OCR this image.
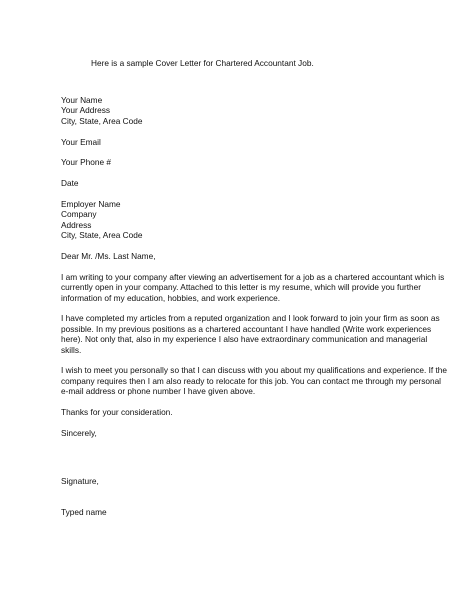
Here is a sample Cover Letter for Chartered Accountant Job.
Your Name
Your Address
City, State, Area Code
Your Email
Your Phone #
Date
Employer Name
Company
Address
City, State, Area Code
Dear Mr. /Ms. Last Name,
I am writing to your company after viewing an advertisement for a job as a chartered accountant which is
currently open in your company. Attached to this letter is my resume, which will provide you further
information of my education, hobbies, and work experience.
I have completed my articles from a reputed organization and I look forward to join your firm as soon as
possible. In my previous positions as a chartered accountant I have handled (Write work experiences
here). Not only that, also in my experience I also have extraordinary communication and managerial
skills.
I wish to meet you personally so that I can discuss with you about my qualifications and experience. If the
company requires then I am also ready to relocate for this job. You can contact me through my personal
e-mail address or phone number I have given above.
Thanks for your consideration.
Sincerely,
Signature,
Typed name
